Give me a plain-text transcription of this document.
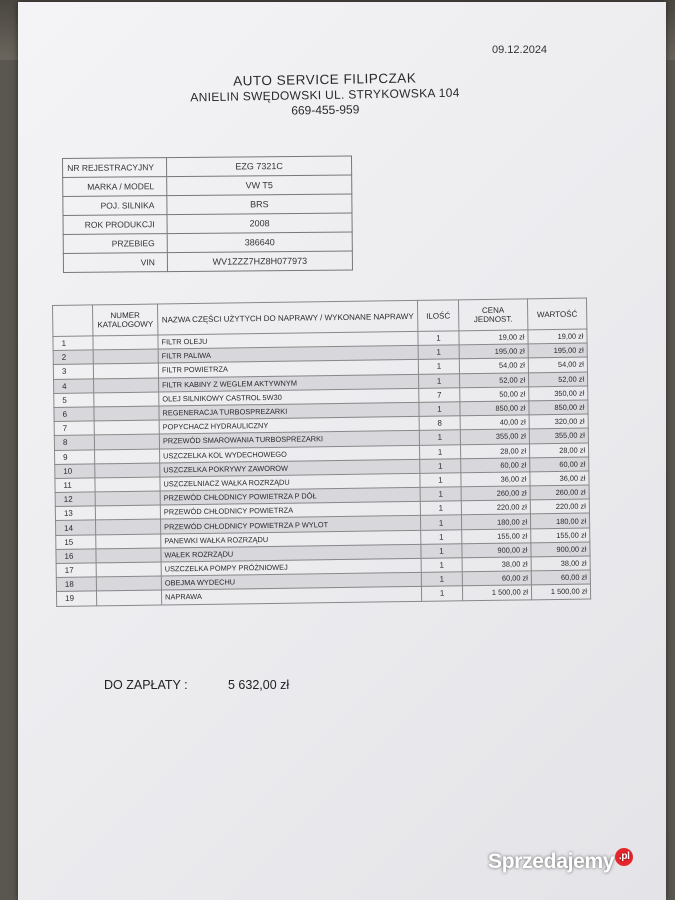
09.12.2024
AUTO SERVICE FILIPCZAK
ANIELIN SWĘDOWSKI UL. STRYKOWSKA 104
669-455-959
NR REJESTRACYJNY	EZG 7321C
MARKA / MODEL	VW T5
POJ. SILNIKA	BRS
ROK PRODUKCJI	2008
PRZEBIEG	386640
VIN	WV1ZZZ7HZ8H077973
	NUMER KATALOGOWY	NAZWA CZĘŚCI UŻYTYCH DO NAPRAWY / WYKONANE NAPRAWY	ILOŚĆ	CENA JEDNOST.	WARTOŚĆ
1		FILTR OLEJU	1	19,00 zł	19,00 zł
2		FILTR PALIWA	1	195,00 zł	195,00 zł
3		FILTR POWIETRZA	1	54,00 zł	54,00 zł
4		FILTR KABINY Z WEGLEM AKTYWNYM	1	52,00 zł	52,00 zł
5		OLEJ SILNIKOWY CASTROL 5W30	7	50,00 zł	350,00 zł
6		REGENERACJA TURBOSPREZARKI	1	850,00 zł	850,00 zł
7		POPYCHACZ HYDRAULICZNY	8	40,00 zł	320,00 zł
8		PRZEWÓD SMAROWANIA TURBOSPREZARKI	1	355,00 zł	355,00 zł
9		USZCZELKA KOL WYDECHOWEGO	1	28,00 zł	28,00 zł
10		USZCZELKA POKRYWY ZAWOROW	1	60,00 zł	60,00 zł
11		USZCZELNIACZ WAŁKA ROZRZĄDU	1	36,00 zł	36,00 zł
12		PRZEWÓD CHŁODNICY POWIETRZA P DÓŁ	1	260,00 zł	260,00 zł
13		PRZEWÓD CHŁODNICY POWIETRZA	1	220,00 zł	220,00 zł
14		PRZEWÓD CHŁODNICY POWIETRZA P WYLOT	1	180,00 zł	180,00 zł
15		PANEWKI WAŁKA ROZRZĄDU	1	155,00 zł	155,00 zł
16		WAŁEK ROZRZĄDU	1	900,00 zł	900,00 zł
17		USZCZELKA POMPY PRÓŻNIOWEJ	1	38,00 zł	38,00 zł
18		OBEJMA WYDECHU	1	60,00 zł	60,00 zł
19		NAPRAWA	1	1 500,00 zł	1 500,00 zł
DO ZAPŁATY :	5 632,00 zł
Sprzedajemy .pl
